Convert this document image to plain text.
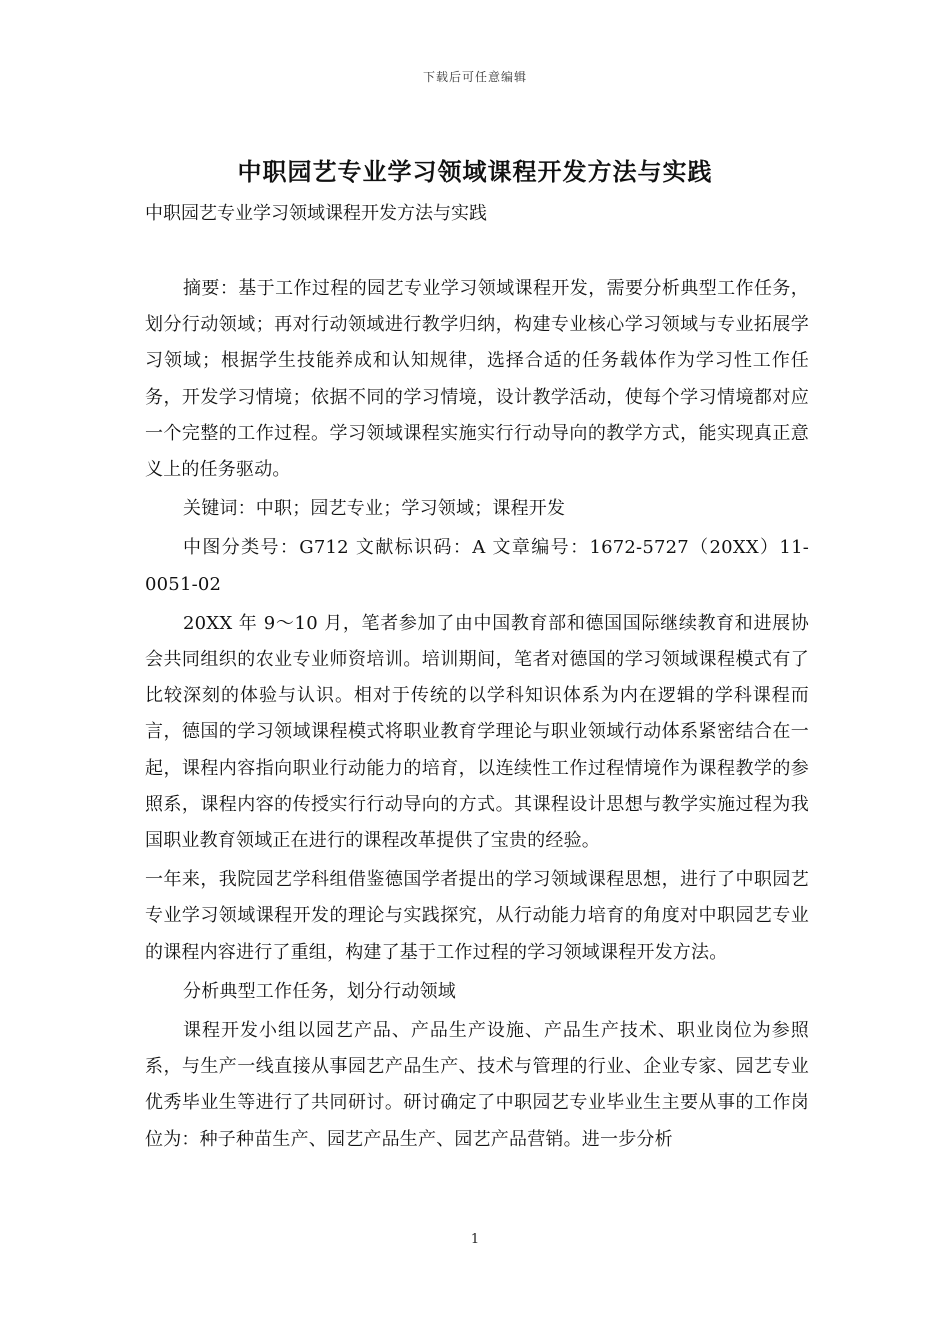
下载后可任意编辑
中职园艺专业学习领域课程开发方法与实践

中职园艺专业学习领域课程开发方法与实践

摘要：基于工作过程的园艺专业学习领域课程开发，需要分析典型工作任务，划分行动领域；再对行动领域进行教学归纳，构建专业核心学习领域与专业拓展学习领域；根据学生技能养成和认知规律，选择合适的任务载体作为学习性工作任务，开发学习情境；依据不同的学习情境，设计教学活动，使每个学习情境都对应一个完整的工作过程。学习领域课程实施实行行动导向的教学方式，能实现真正意义上的任务驱动。

关键词：中职；园艺专业；学习领域；课程开发

中图分类号：G712 文献标识码：A 文章编号：1672-5727（20XX）11-0051-02

20XX 年 9～10 月，笔者参加了由中国教育部和德国国际继续教育和进展协会共同组织的农业专业师资培训。培训期间，笔者对德国的学习领域课程模式有了比较深刻的体验与认识。相对于传统的以学科知识体系为内在逻辑的学科课程而言，德国的学习领域课程模式将职业教育学理论与职业领域行动体系紧密结合在一起，课程内容指向职业行动能力的培育，以连续性工作过程情境作为课程教学的参照系，课程内容的传授实行行动导向的方式。其课程设计思想与教学实施过程为我国职业教育领域正在进行的课程改革提供了宝贵的经验。

一年来，我院园艺学科组借鉴德国学者提出的学习领域课程思想，进行了中职园艺专业学习领域课程开发的理论与实践探究，从行动能力培育的角度对中职园艺专业的课程内容进行了重组，构建了基于工作过程的学习领域课程开发方法。

分析典型工作任务，划分行动领域

课程开发小组以园艺产品、产品生产设施、产品生产技术、职业岗位为参照系，与生产一线直接从事园艺产品生产、技术与管理的行业、企业专家、园艺专业优秀毕业生等进行了共同研讨。研讨确定了中职园艺专业毕业生主要从事的工作岗位为：种子种苗生产、园艺产品生产、园艺产品营销。进一步分析

1
